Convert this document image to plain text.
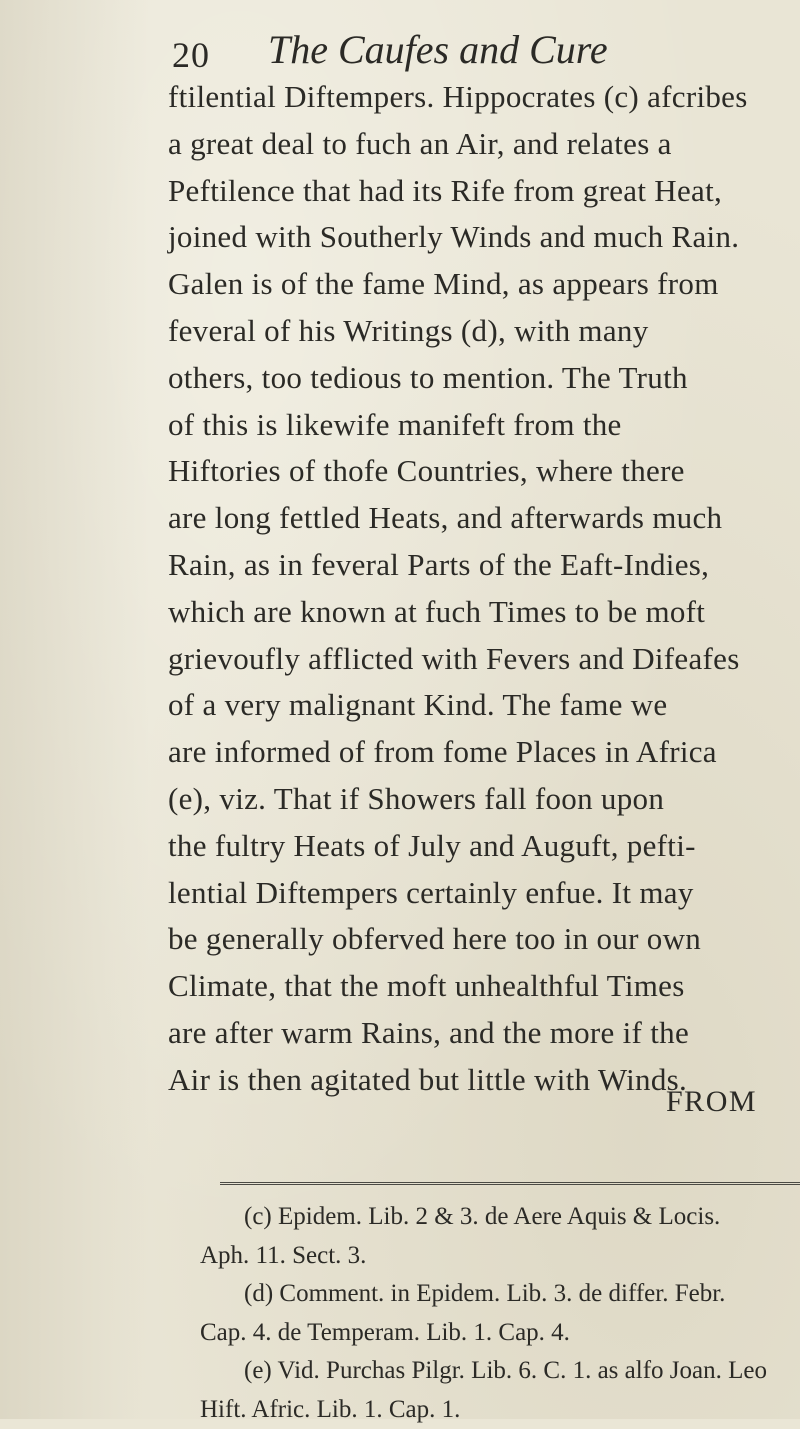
20 The Caufes and Cure
ftilential Diftempers. Hippocrates (c) afcribes
a great deal to fuch an Air, and relates a
Peftilence that had its Rife from great Heat,
joined with Southerly Winds and much Rain.
Galen is of the fame Mind, as appears from
feveral of his Writings (d), with many
others, too tedious to mention. The Truth
of this is likewife manifeft from the
Hiftories of thofe Countries, where there
are long fettled Heats, and afterwards much
Rain, as in feveral Parts of the Eaft-Indies,
which are known at fuch Times to be moft
grievoufly afflicted with Fevers and Difeafes
of a very malignant Kind. The fame we
are informed of from fome Places in Africa
(e), viz. That if Showers fall foon upon
the fultry Heats of July and Auguft, pefti-
lential Diftempers certainly enfue. It may
be generally obferved here too in our own
Climate, that the moft unhealthful Times
are after warm Rains, and the more if the
Air is then agitated but little with Winds.
FROM
(c) Epidem. Lib. 2 & 3. de Aere Aquis & Locis.
Aph. 11. Sect. 3.
(d) Comment. in Epidem. Lib. 3. de differ. Febr.
Cap. 4. de Temperam. Lib. 1. Cap. 4.
(e) Vid. Purchas Pilgr. Lib. 6. C. 1. as alfo Joan. Leo
Hift. Afric. Lib. 1. Cap. 1.
